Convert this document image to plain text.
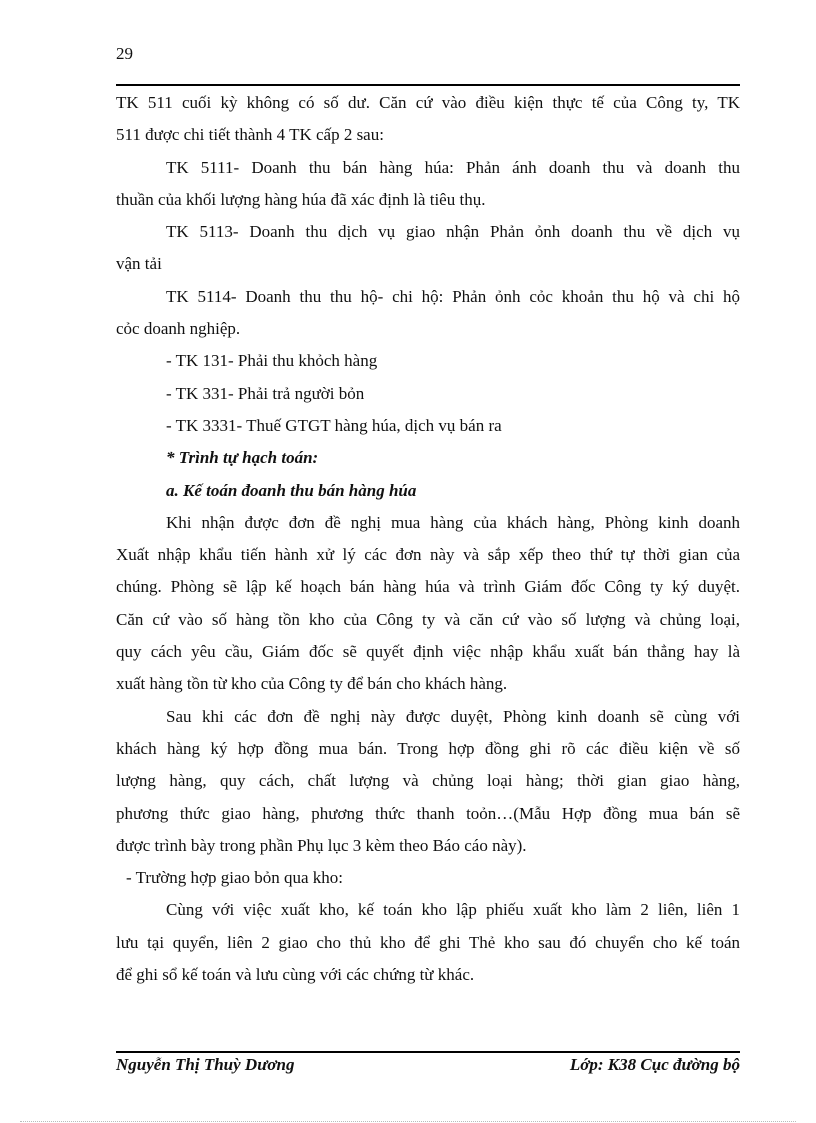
29
TK 511 cuối kỳ không có số dư. Căn cứ vào điều kiện thực tế của Công ty, TK
511 được chi tiết thành 4 TK cấp 2 sau:
TK 5111- Doanh thu bán hàng húa: Phản ánh doanh thu và doanh thu
thuần của khối lượng hàng húa đã xác định là tiêu thụ.
TK 5113- Doanh thu dịch vụ giao nhận Phản ỏnh doanh thu về dịch vụ
vận tải
TK 5114- Doanh thu thu hộ- chi hộ: Phản ỏnh cỏc khoản thu hộ và chi hộ
cỏc doanh nghiệp.
- TK 131- Phải thu khỏch hàng
- TK 331- Phải trả người bỏn
- TK 3331- Thuế GTGT hàng húa, dịch vụ bán ra
* Trình tự hạch toán:
a. Kế toán đoanh thu bán hàng húa
Khi nhận được đơn đề nghị mua hàng của khách hàng, Phòng kinh doanh
Xuất nhập khẩu tiến hành xử lý các đơn này và sắp xếp theo thứ tự thời gian của
chúng. Phòng sẽ lập kế hoạch bán hàng húa và trình Giám đốc Công ty ký duyệt.
Căn cứ vào số hàng tồn kho của Công ty và căn cứ vào số lượng và chủng loại,
quy cách yêu cầu, Giám đốc sẽ quyết định việc nhập khẩu xuất bán thẳng hay là
xuất hàng tồn từ kho của Công ty để bán cho khách hàng.
Sau khi các đơn đề nghị này được duyệt, Phòng kinh doanh sẽ cùng với
khách hàng ký hợp đồng mua bán. Trong hợp đồng ghi rõ các điều kiện về số
lượng hàng, quy cách, chất lượng và chủng loại hàng; thời gian giao hàng,
phương thức giao hàng, phương thức thanh toỏn…(Mẫu Hợp đồng mua bán sẽ
được trình bày trong phần Phụ lục 3 kèm theo Báo cáo này).
- Trường hợp giao bỏn qua kho:
Cùng với việc xuất kho, kế toán kho lập phiếu xuất kho làm 2 liên, liên 1
lưu tại quyển, liên 2 giao cho thủ kho để ghi Thẻ kho sau đó chuyển cho kế toán
để ghi sổ kế toán và lưu cùng với các chứng từ khác.
Nguyễn Thị Thuỳ Dương	Lớp: K38 Cục đường bộ
